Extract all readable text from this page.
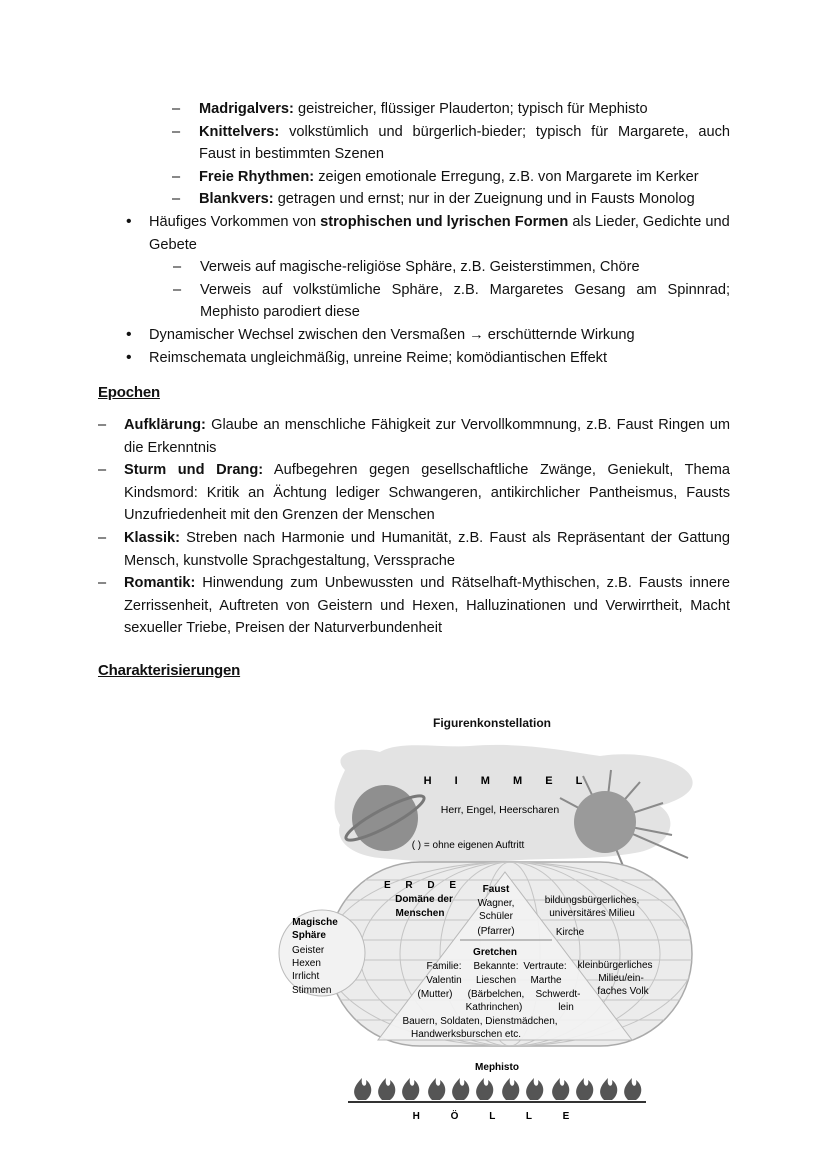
– Madrigalvers: geistreicher, flüssiger Plauderton; typisch für Mephisto
– Knittelvers: volkstümlich und bürgerlich-bieder; typisch für Margarete, auch Faust in bestimmten Szenen
– Freie Rhythmen: zeigen emotionale Erregung, z.B. von Margarete im Kerker
– Blankvers: getragen und ernst; nur in der Zueignung und in Fausts Monolog
• Häufiges Vorkommen von strophischen und lyrischen Formen als Lieder, Gedichte und Gebete
– Verweis auf magische-religiöse Sphäre, z.B. Geisterstimmen, Chöre
– Verweis auf volkstümliche Sphäre, z.B. Margaretes Gesang am Spinnrad; Mephisto parodiert diese
• Dynamischer Wechsel zwischen den Versmaßen → erschütternde Wirkung
• Reimschemata ungleichmäßig, unreine Reime; komödiantischen Effekt
Epochen
– Aufklärung: Glaube an menschliche Fähigkeit zur Vervollkommnung, z.B. Faust Ringen um die Erkenntnis
– Sturm und Drang: Aufbegehren gegen gesellschaftliche Zwänge, Geniekult, Thema Kindsmord: Kritik an Ächtung lediger Schwangeren, antikirchlicher Pantheismus, Fausts Unzufriedenheit mit den Grenzen der Menschen
– Klassik: Streben nach Harmonie und Humanität, z.B. Faust als Repräsentant der Gattung Mensch, kunstvolle Sprachgestaltung, Verssprache
– Romantik: Hinwendung zum Unbewussten und Rätselhaft-Mythischen, z.B. Fausts innere Zerrissenheit, Auftreten von Geistern und Hexen, Halluzinationen und Verwirrtheit, Macht sexueller Triebe, Preisen der Naturverbundenheit
Charakterisierungen
Figurenkonstellation
H I M M E L
Herr, Engel, Heerscharen
( ) = ohne eigenen Auftritt
E R D E
Domäne der
Menschen
Faust
Wagner,
Schüler
(Pfarrer)	Kirche
bildungsbürgerliches,
universitäres Milieu
Magische
Sphäre
Geister
Hexen
Irrlicht
Stimmen
Gretchen
Familie:
Valentin
(Mutter)
Bekannte:
Lieschen
(Bärbelchen,
Kathrinchen)
Vertraute:
Marthe
Schwerdt-
lein
kleinbürgerliches
Milieu/ein-
faches Volk
Bauern, Soldaten, Dienstmädchen,
Handwerksburschen etc.
Mephisto
H Ö L L E
